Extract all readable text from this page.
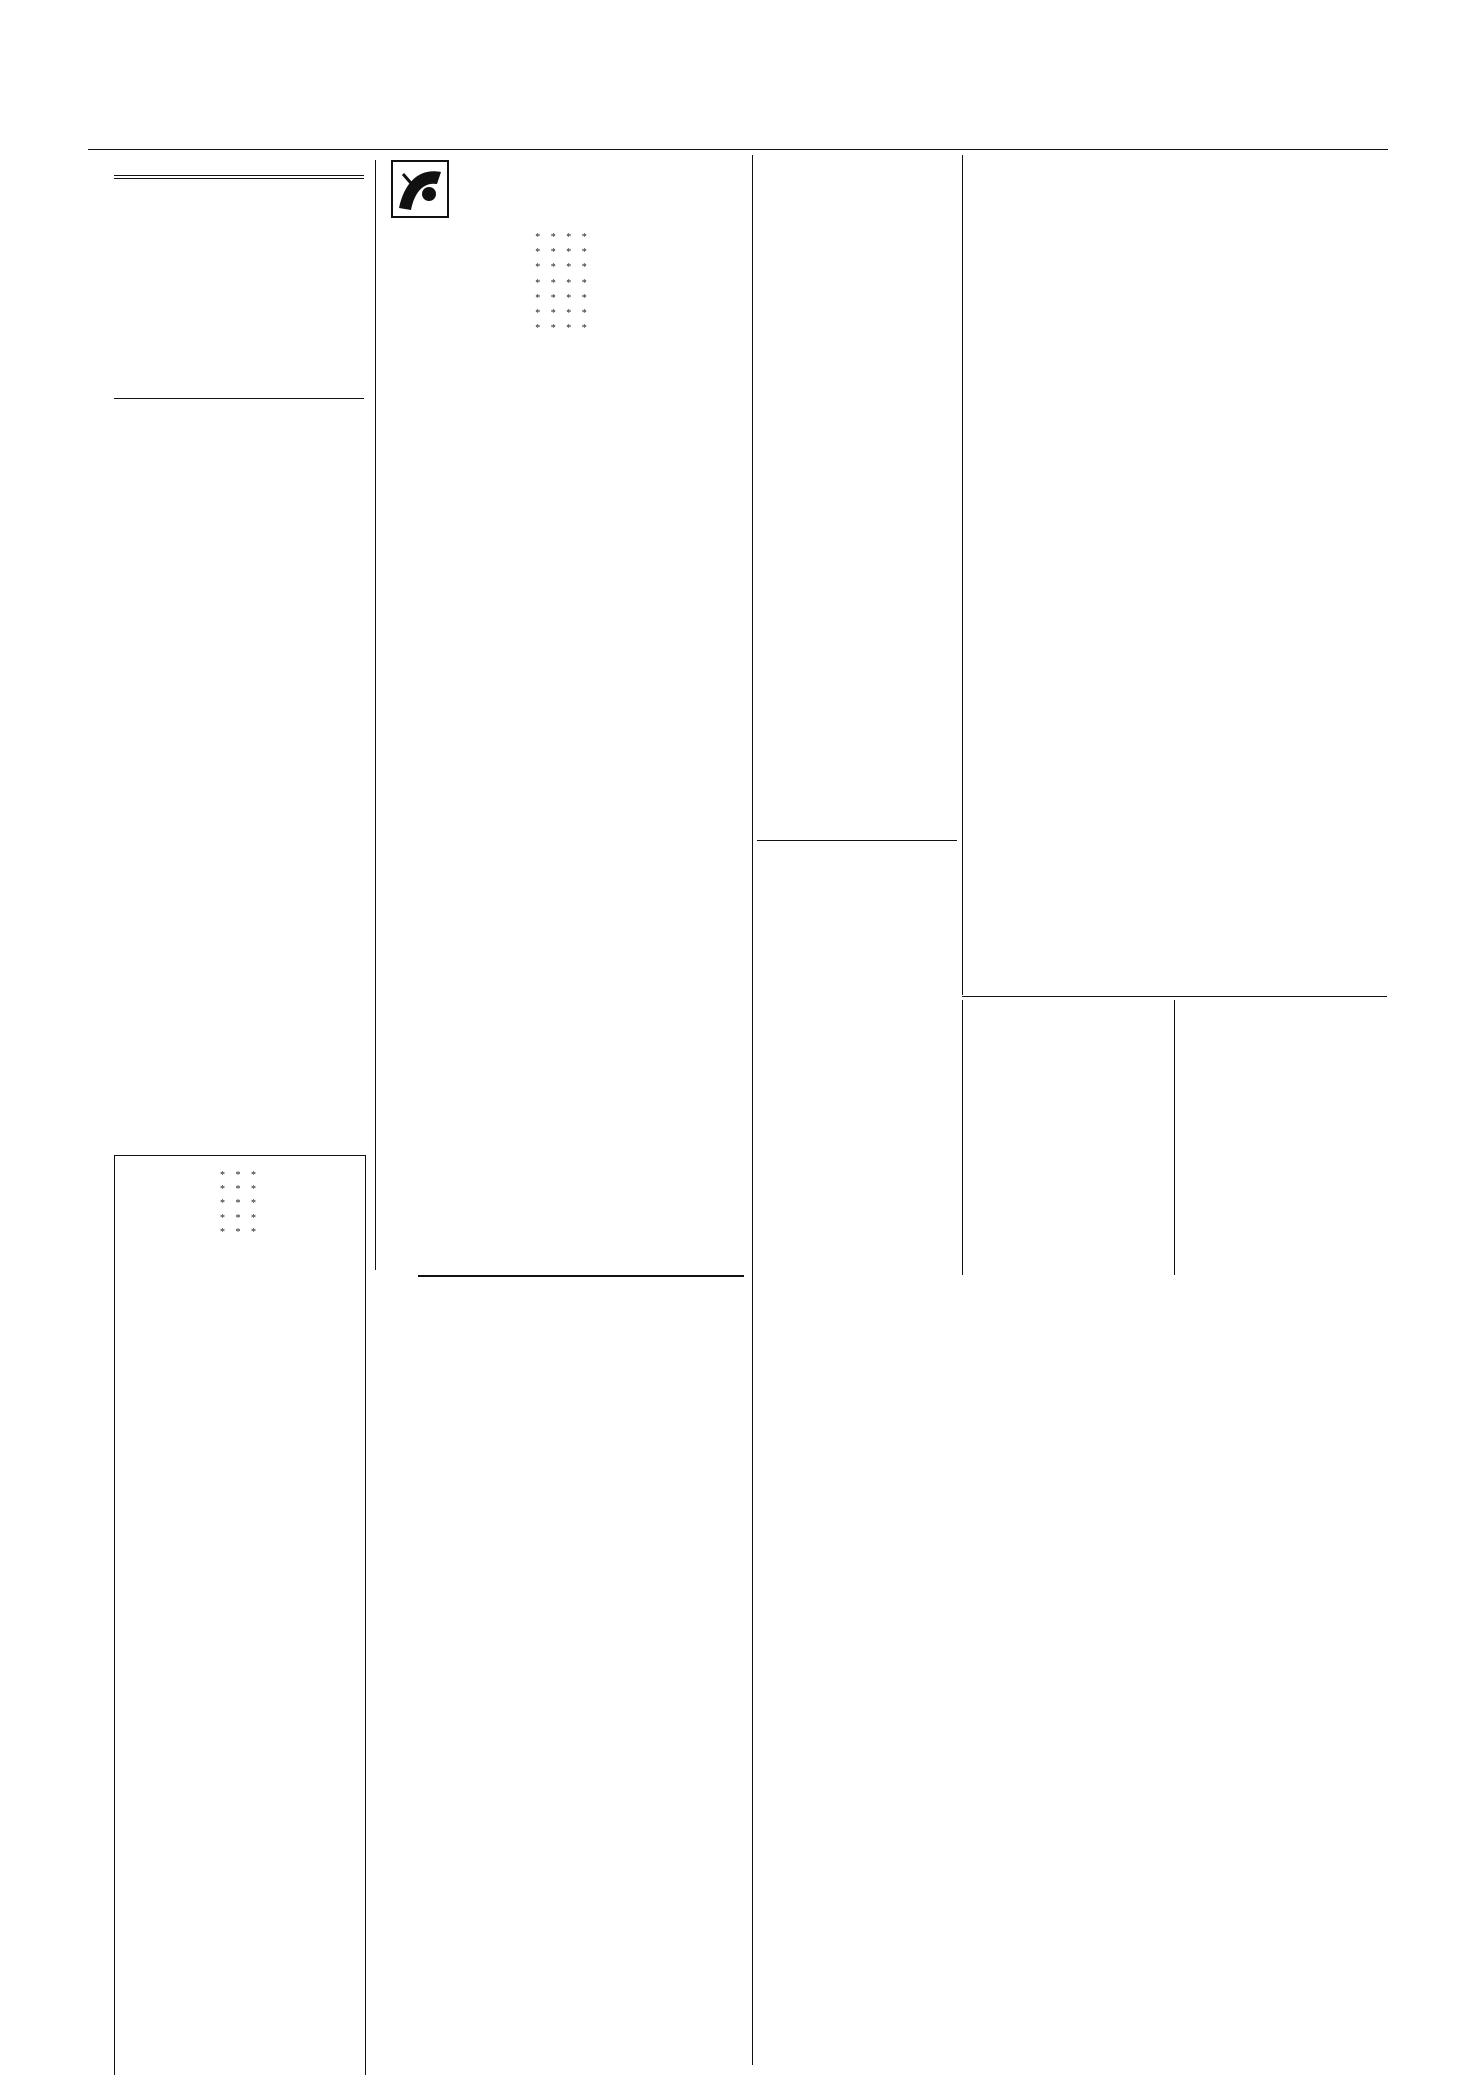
* * *

* * *

* * *

* * *

* * *

* * * *

* * * *

* * * *

* * * *

* * * *

* * * *

* * * *
